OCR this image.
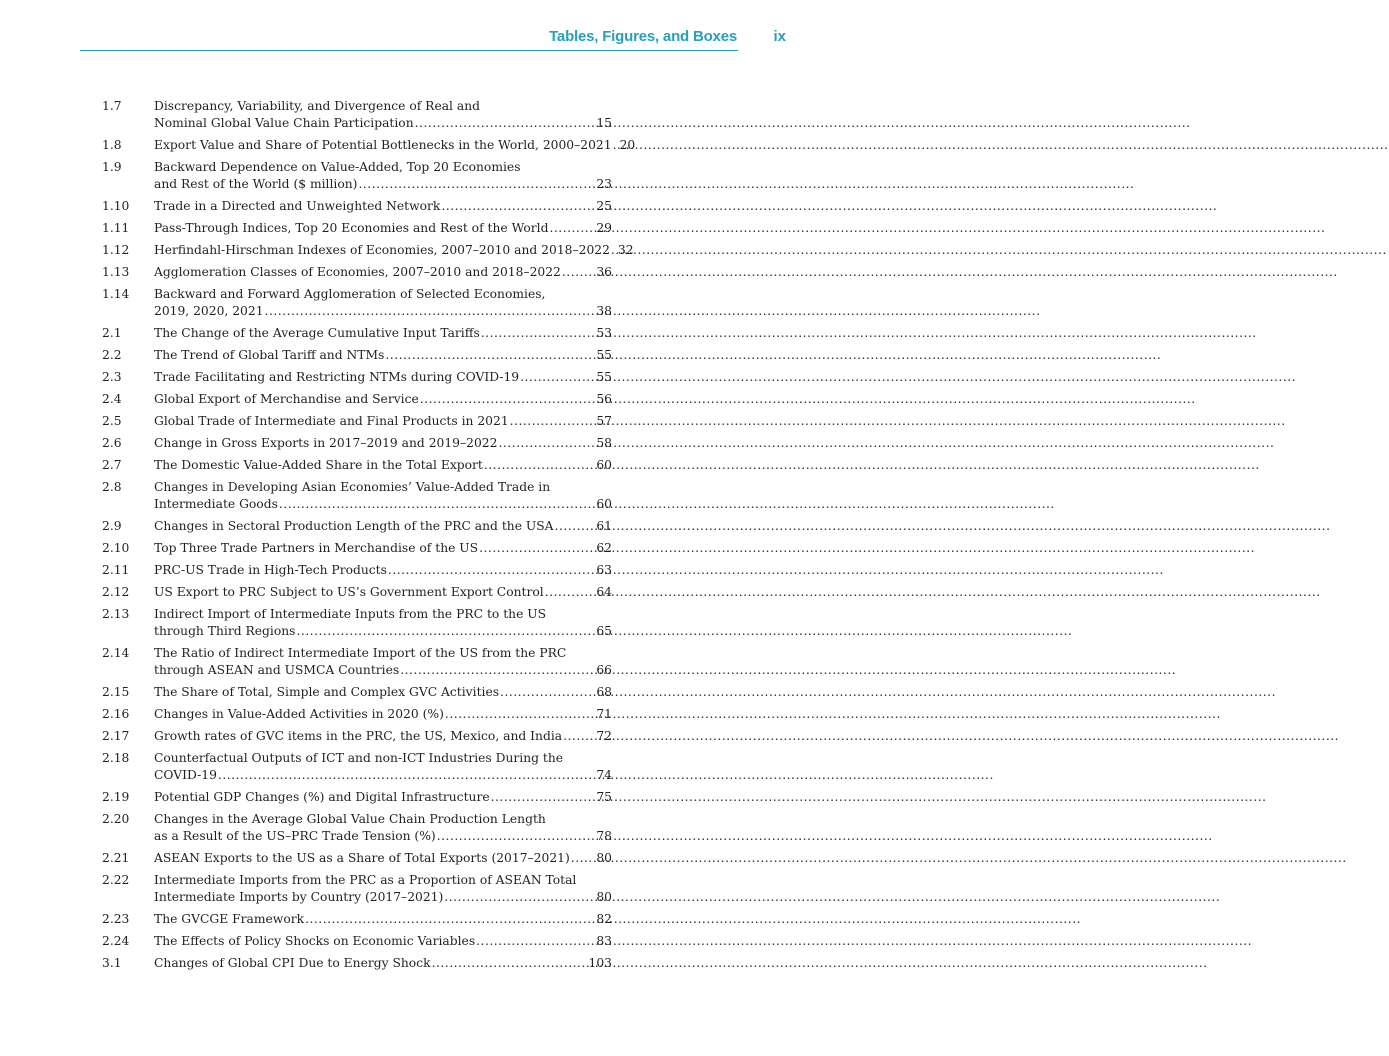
Tables, Figures, and Boxes ix
1.7	Discrepancy, Variability, and Divergence of Real and
Nominal Global Value Chain Participation .....	15
1.8	Export Value and Share of Potential Bottlenecks in the World, 2000–2021 ..... 20
1.9	Backward Dependence on Value-Added, Top 20 Economies
and Rest of the World ($ million) .....	23
1.10	Trade in a Directed and Unweighted Network .....	25
1.11	Pass-Through Indices, Top 20 Economies and Rest of the World .....	29
1.12	Herfindahl-Hirschman Indexes of Economies, 2007–2010 and 2018–2022 ..... 32
1.13	Agglomeration Classes of Economies, 2007–2010 and 2018–2022 .....	36
1.14	Backward and Forward Agglomeration of Selected Economies,
2019, 2020, 2021 .....	38
2.1	The Change of the Average Cumulative Input Tariffs .....	53
2.2	The Trend of Global Tariff and NTMs .....	55
2.3	Trade Facilitating and Restricting NTMs during COVID-19 .....	55
2.4	Global Export of Merchandise and Service .....	56
2.5	Global Trade of Intermediate and Final Products in 2021 .....	57
2.6	Change in Gross Exports in 2017–2019 and 2019–2022 .....	58
2.7	The Domestic Value-Added Share in the Total Export .....	60
2.8	Changes in Developing Asian Economies’ Value-Added Trade in
Intermediate Goods .....	60
2.9	Changes in Sectoral Production Length of the PRC and the USA .....	61
2.10	Top Three Trade Partners in Merchandise of the US .....	62
2.11	PRC-US Trade in High-Tech Products .....	63
2.12	US Export to PRC Subject to US’s Government Export Control .....	64
2.13	Indirect Import of Intermediate Inputs from the PRC to the US
through Third Regions .....	65
2.14	The Ratio of Indirect Intermediate Import of the US from the PRC
through ASEAN and USMCA Countries .....	66
2.15	The Share of Total, Simple and Complex GVC Activities .....	68
2.16	Changes in Value-Added Activities in 2020 (%) .....	71
2.17	Growth rates of GVC items in the PRC, the US, Mexico, and India .....	72
2.18	Counterfactual Outputs of ICT and non-ICT Industries During the
COVID-19 .....	74
2.19	Potential GDP Changes (%) and Digital Infrastructure .....	75
2.20	Changes in the Average Global Value Chain Production Length
as a Result of the US–PRC Trade Tension (%) .....	78
2.21	ASEAN Exports to the US as a Share of Total Exports (2017–2021) ..... 80
2.22	Intermediate Imports from the PRC as a Proportion of ASEAN Total
Intermediate Imports by Country (2017–2021) .....	80
2.23	The GVCGE Framework .....	82
2.24	The Effects of Policy Shocks on Economic Variables .....	83
3.1	Changes of Global CPI Due to Energy Shock .....	103
